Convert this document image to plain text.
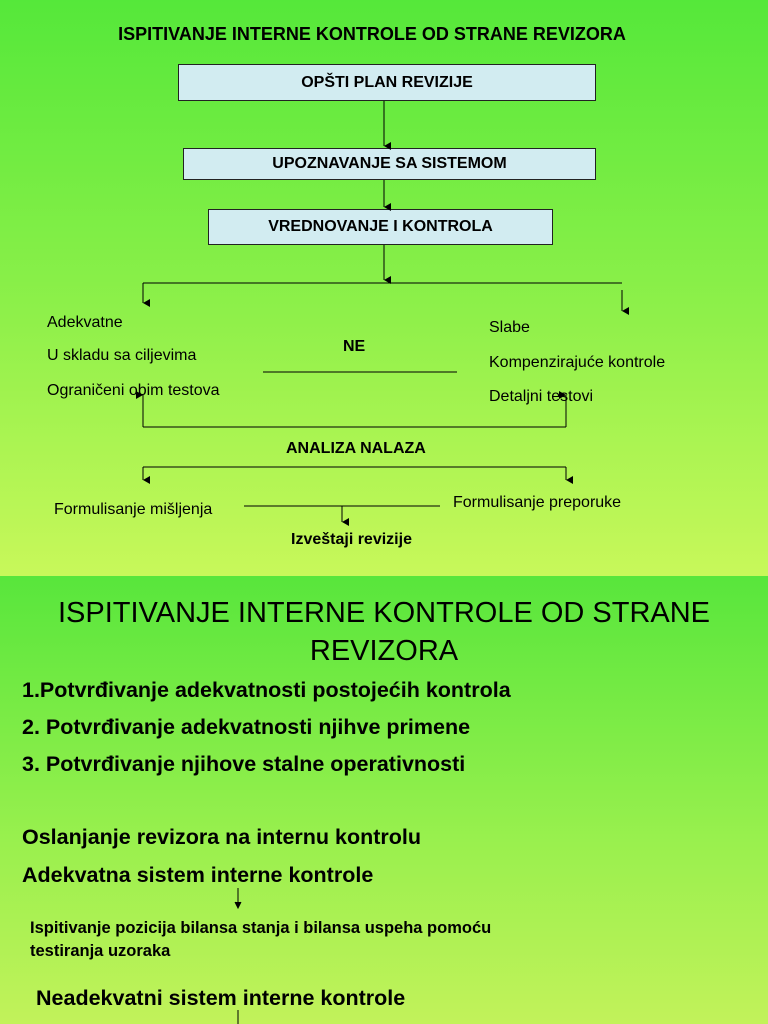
ISPITIVANJE INTERNE KONTROLE OD STRANE REVIZORA
OPŠTI PLAN REVIZIJE
UPOZNAVANJE SA SISTEMOM
VREDNOVANJE I KONTROLA
Adekvatne
U skladu sa ciljevima
Ograničeni obim testova
NE
Slabe
Kompenzirajuće kontrole
Detaljni testovi
ANALIZA NALAZA
Formulisanje mišljenja	Formulisanje preporuke
Izveštaji revizije
ISPITIVANJE INTERNE KONTROLE OD STRANE
REVIZORA
1.Potvrđivanje adekvatnosti postojećih kontrola
2. Potvrđivanje adekvatnosti njihve primene
3. Potvrđivanje njihove stalne operativnosti
Oslanjanje revizora na internu kontrolu
Adekvatna sistem interne kontrole
Ispitivanje pozicija bilansa stanja i bilansa uspeha pomoću
testiranja uzoraka
Neadekvatni sistem interne kontrole
